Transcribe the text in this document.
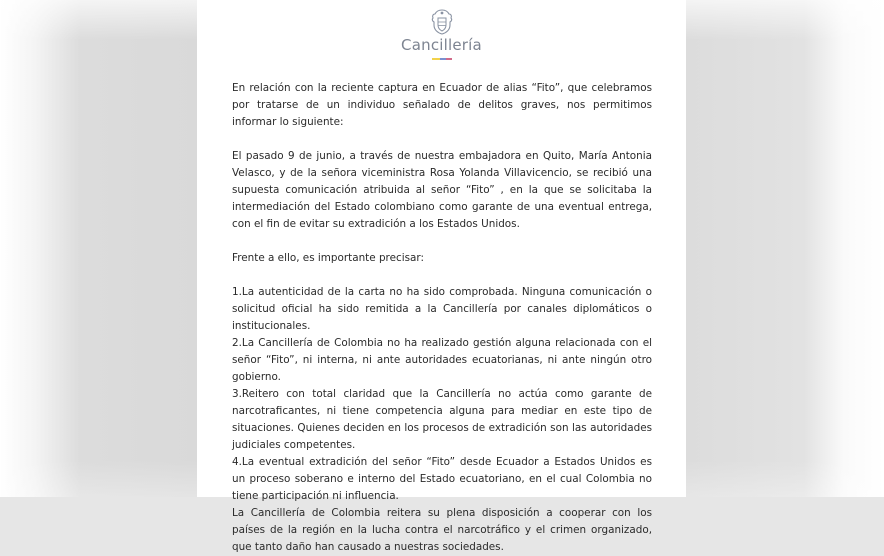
Cancillería

En relación con la reciente captura en Ecuador de alias “Fito”, que celebramos por tratarse de un individuo señalado de delitos graves, nos permitimos informar lo siguiente:

El pasado 9 de junio, a través de nuestra embajadora en Quito, María Antonia Velasco, y de la señora viceministra Rosa Yolanda Villavicencio, se recibió una supuesta comunicación atribuida al señor “Fito” , en la que se solicitaba la intermediación del Estado colombiano como garante de una eventual entrega, con el fin de evitar su extradición a los Estados Unidos.

Frente a ello, es importante precisar:

1.La autenticidad de la carta no ha sido comprobada. Ninguna comunicación o solicitud oficial ha sido remitida a la Cancillería por canales diplomáticos o institucionales.

2.La Cancillería de Colombia no ha realizado gestión alguna relacionada con el señor “Fito”, ni interna, ni ante autoridades ecuatorianas, ni ante ningún otro gobierno.

3.Reitero con total claridad que la Cancillería no actúa como garante de narcotraficantes, ni tiene competencia alguna para mediar en este tipo de situaciones. Quienes deciden en los procesos de extradición son las autoridades judiciales competentes.

4.La eventual extradición del señor “Fito” desde Ecuador a Estados Unidos es un proceso soberano e interno del Estado ecuatoriano, en el cual Colombia no tiene participación ni influencia.

La Cancillería de Colombia reitera su plena disposición a cooperar con los países de la región en la lucha contra el narcotráfico y el crimen organizado, que tanto daño han causado a nuestras sociedades.
